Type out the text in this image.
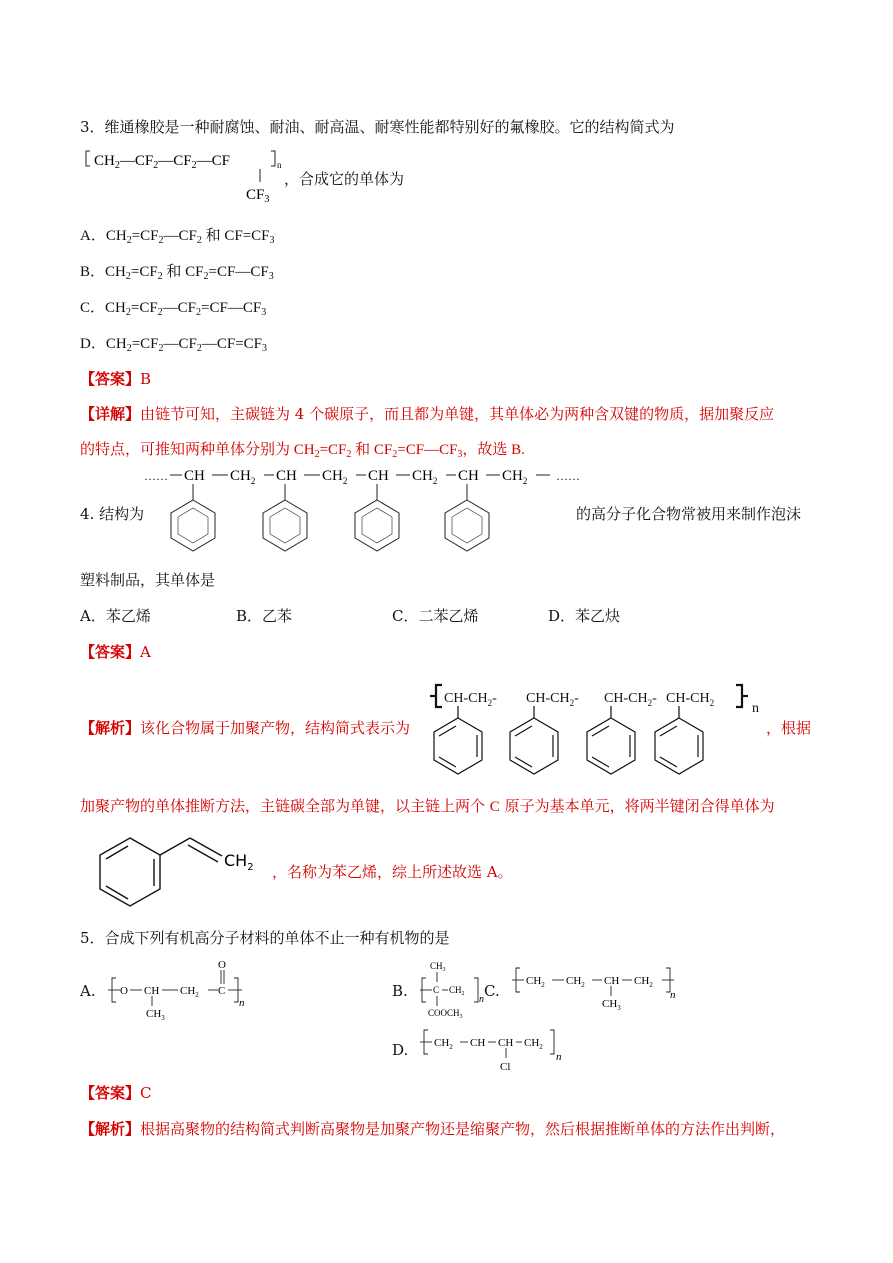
3．维通橡胶是一种耐腐蚀、耐油、耐高温、耐寒性能都特别好的氟橡胶。它的结构简式为
$CH_2—CF_2—CF_2—CF$	n
$CF_3$
，合成它的单体为
A．$CH_2=CF_2—CF_2$ 和 $CF=CF_3$
B．$CH_2=CF_2$ 和 $CF_2=CF—CF_3$
C．$CH_2=CF_2—CF_2=CF—CF_3$
D．$CH_2=CF_2—CF_2—CF=CF_3$
【答案】B
【详解】由链节可知，主碳链为 4 个碳原子，而且都为单键，其单体必为两种含双键的物质，据加聚反应
的特点，可推知两种单体分别为 $CH_2=CF_2$ 和 $CF_2=CF—CF_3$，故选 B.
4. 结构为
…… CH $CH_2$ CH $CH_2$ CH $CH_2$ CH $CH_2$ ……
的高分子化合物常被用来制作泡沫
塑料制品，其单体是
A．苯乙烯	B．乙苯	C．二苯乙烯	D．苯乙炔
【答案】A
【解析】该化合物属于加聚产物，结构简式表示为
$CH-CH_2-$ $CH-CH_2-$ $CH-CH_2-$ $CH-CH_2$	n
，根据
加聚产物的单体推断方法，主链碳全部为单键，以主链上两个 C 原子为基本单元，将两半键闭合得单体为
$CH_2$ ，名称为苯乙烯，综上所述故选 A。
5．合成下列有机高分子材料的单体不止一种有机物的是
A. O CH $CH_2$ C
O
$CH_3$
n
B.
$CH_3$
C $CH_2$
$COOCH_3$
n C.
$CH_2$ $CH_2$ CH $CH_2$
$CH_3$
n
D. $CH_2$ CH CH $CH_2$
Cl
n
【答案】C
【解析】根据高聚物的结构简式判断高聚物是加聚产物还是缩聚产物，然后根据推断单体的方法作出判断，
